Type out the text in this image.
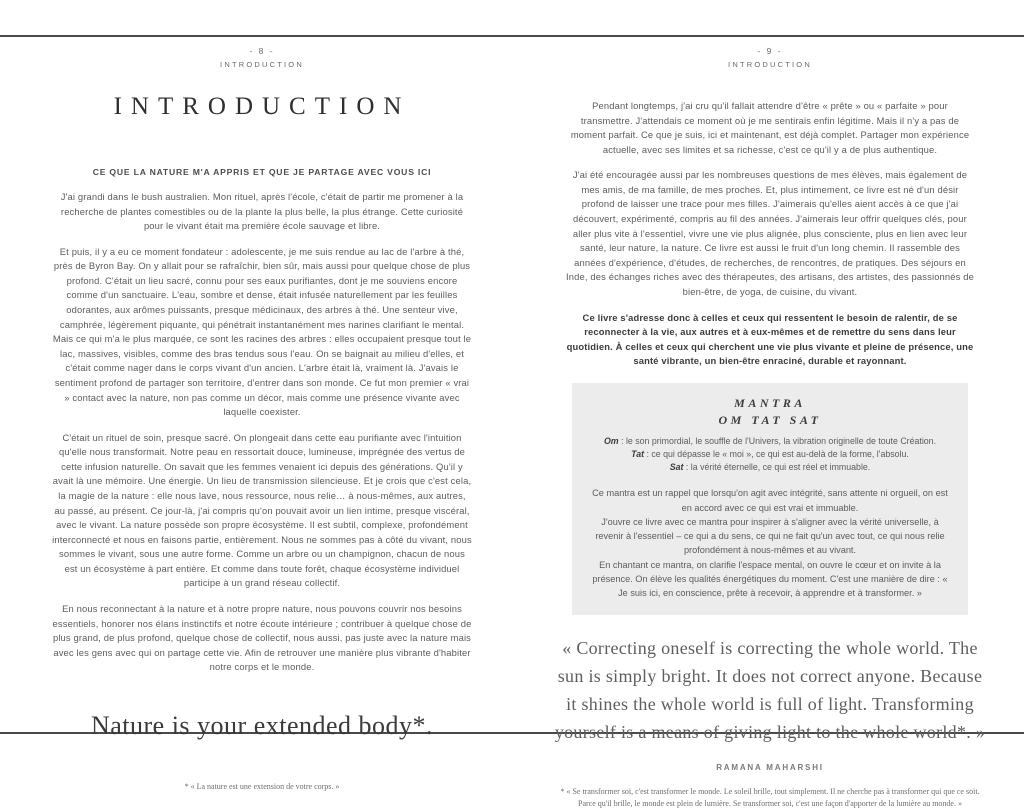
- 8 -
INTRODUCTION
INTRODUCTION
CE QUE LA NATURE M'A APPRIS ET QUE JE PARTAGE AVEC VOUS ICI

J'ai grandi dans le bush australien. Mon rituel, après l'école, c'était de partir me promener à la recherche de plantes comestibles ou de la plante la plus belle, la plus étrange. Cette curiosité pour le vivant était ma première école sauvage et libre.

Et puis, il y a eu ce moment fondateur : adolescente, je me suis rendue au lac de l'arbre à thé, près de Byron Bay. On y allait pour se rafraîchir, bien sûr, mais aussi pour quelque chose de plus profond. C'était un lieu sacré, connu pour ses eaux purifiantes, dont je me souviens encore comme d'un sanctuaire. L'eau, sombre et dense, était infusée naturellement par les feuilles odorantes, aux arômes puissants, presque médicinaux, des arbres à thé. Une senteur vive, camphrée, légèrement piquante, qui pénétrait instantanément mes narines clarifiant le mental. Mais ce qui m'a le plus marquée, ce sont les racines des arbres : elles occupaient presque tout le lac, massives, visibles, comme des bras tendus sous l'eau. On se baignait au milieu d'elles, et c'était comme nager dans le corps vivant d'un ancien. L'arbre était là, vraiment là. J'avais le sentiment profond de partager son territoire, d'entrer dans son monde. Ce fut mon premier « vrai » contact avec la nature, non pas comme un décor, mais comme une présence vivante avec laquelle coexister.

C'était un rituel de soin, presque sacré. On plongeait dans cette eau purifiante avec l'intuition qu'elle nous transformait. Notre peau en ressortait douce, lumineuse, imprégnée des vertus de cette infusion naturelle. On savait que les femmes venaient ici depuis des générations. Qu'il y avait là une mémoire. Une énergie. Un lieu de transmission silencieuse. Et je crois que c'est cela, la magie de la nature : elle nous lave, nous ressource, nous relie… à nous-mêmes, aux autres, au passé, au présent. Ce jour-là, j'ai compris qu'on pouvait avoir un lien intime, presque viscéral, avec le vivant. La nature possède son propre écosystème. Il est subtil, complexe, profondément interconnecté et nous en faisons partie, entièrement. Nous ne sommes pas à côté du vivant, nous sommes le vivant, sous une autre forme. Comme un arbre ou un champignon, chacun de nous est un écosystème à part entière. Et comme dans toute forêt, chaque écosystème individuel participe à un grand réseau collectif.

En nous reconnectant à la nature et à notre propre nature, nous pouvons couvrir nos besoins essentiels, honorer nos élans instinctifs et notre écoute intérieure ; contribuer à quelque chose de plus grand, de plus profond, quelque chose de collectif, nous aussi, pas juste avec la nature mais avec les gens avec qui on partage cette vie. Afin de retrouver une manière plus vibrante d'habiter notre corps et le monde.

Nature is your extended body*.
* « La nature est une extension de votre corps. »
- 9 -
INTRODUCTION

Pendant longtemps, j'ai cru qu'il fallait attendre d'être « prête » ou « parfaite » pour transmettre. J'attendais ce moment où je me sentirais enfin légitime. Mais il n'y a pas de moment parfait. Ce que je suis, ici et maintenant, est déjà complet. Partager mon expérience actuelle, avec ses limites et sa richesse, c'est ce qu'il y a de plus authentique.

J'ai été encouragée aussi par les nombreuses questions de mes élèves, mais également de mes amis, de ma famille, de mes proches. Et, plus intimement, ce livre est né d'un désir profond de laisser une trace pour mes filles. J'aimerais qu'elles aient accès à ce que j'ai découvert, expérimenté, compris au fil des années. J'aimerais leur offrir quelques clés, pour aller plus vite à l'essentiel, vivre une vie plus alignée, plus consciente, plus en lien avec leur santé, leur nature, la nature. Ce livre est aussi le fruit d'un long chemin. Il rassemble des années d'expérience, d'études, de recherches, de rencontres, de pratiques. Des séjours en Inde, des échanges riches avec des thérapeutes, des artisans, des artistes, des passionnés de bien-être, de yoga, de cuisine, du vivant.

Ce livre s'adresse donc à celles et ceux qui ressentent le besoin de ralentir, de se reconnecter à la vie, aux autres et à eux-mêmes et de remettre du sens dans leur quotidien. À celles et ceux qui cherchent une vie plus vivante et pleine de présence, une santé vibrante, un bien-être enraciné, durable et rayonnant.

MANTRA
OM TAT SAT
Om : le son primordial, le souffle de l'Univers, la vibration originelle de toute Création.
Tat : ce qui dépasse le « moi », ce qui est au-delà de la forme, l'absolu.
Sat : la vérité éternelle, ce qui est réel et immuable.
Ce mantra est un rappel que lorsqu'on agit avec intégrité, sans attente ni orgueil, on est en accord avec ce qui est vrai et immuable.
J'ouvre ce livre avec ce mantra pour inspirer à s'aligner avec la vérité universelle, à revenir à l'essentiel – ce qui a du sens, ce qui ne fait qu'un avec tout, ce qui nous relie profondément à nous-mêmes et au vivant.
En chantant ce mantra, on clarifie l'espace mental, on ouvre le cœur et on invite à la présence. On élève les qualités énergétiques du moment. C'est une manière de dire : « Je suis ici, en conscience, prête à recevoir, à apprendre et à transformer. »
« Correcting oneself is correcting the whole world. The sun is simply bright. It does not correct anyone. Because it shines the whole world is full of light. Transforming yourself is a means of giving light to the whole world*. »
RAMANA MAHARSHI
* « Se transformer soi, c'est transformer le monde. Le soleil brille, tout simplement. Il ne cherche pas à transformer qui que ce soit. Parce qu'il brille, le monde est plein de lumière. Se transformer soi, c'est une façon d'apporter de la lumière au monde. »
